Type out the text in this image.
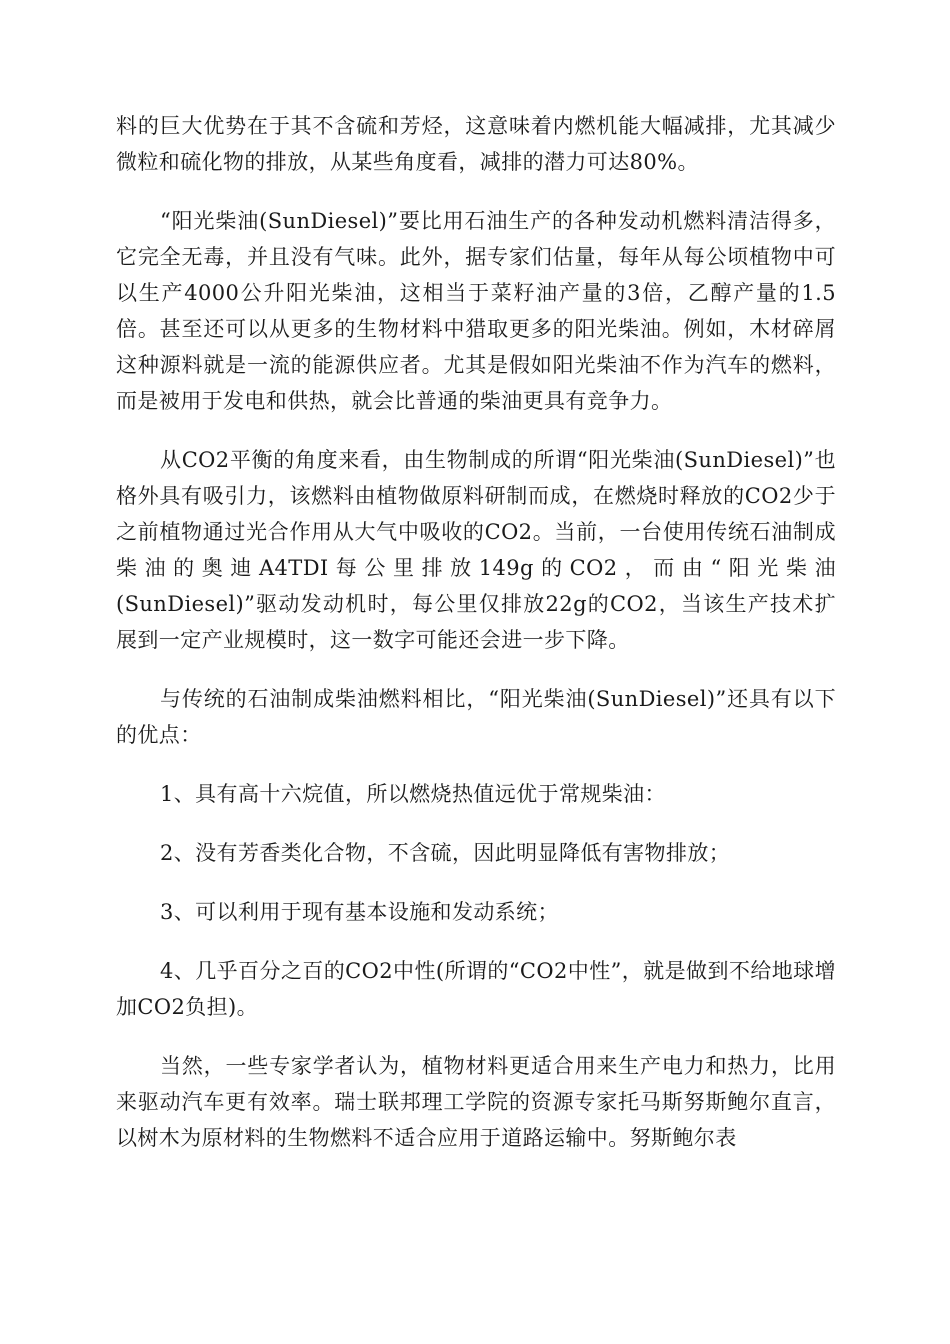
料的巨大优势在于其不含硫和芳烃，这意味着内燃机能大幅减排，尤其减少微粒和硫化物的排放，从某些角度看，减排的潜力可达80%。

“阳光柴油(SunDiesel)”要比用石油生产的各种发动机燃料清洁得多，它完全无毒，并且没有气味。此外，据专家们估量，每年从每公顷植物中可以生产4000公升阳光柴油，这相当于菜籽油产量的3倍，乙醇产量的1.5倍。甚至还可以从更多的生物材料中猎取更多的阳光柴油。例如，木材碎屑这种源料就是一流的能源供应者。尤其是假如阳光柴油不作为汽车的燃料，而是被用于发电和供热，就会比普通的柴油更具有竞争力。

从CO2平衡的角度来看，由生物制成的所谓“阳光柴油(SunDiesel)”也格外具有吸引力，该燃料由植物做原料研制而成，在燃烧时释放的CO2少于之前植物通过光合作用从大气中吸收的CO2。当前，一台使用传统石油制成柴油的奥迪A4TDI每公里排放149g的CO2，而由“阳光柴油(SunDiesel)”驱动发动机时，每公里仅排放22g的CO2，当该生产技术扩展到一定产业规模时，这一数字可能还会进一步下降。

与传统的石油制成柴油燃料相比，“阳光柴油(SunDiesel)”还具有以下的优点：

1、具有高十六烷值，所以燃烧热值远优于常规柴油：

2、没有芳香类化合物，不含硫，因此明显降低有害物排放；

3、可以利用于现有基本设施和发动系统；

4、几乎百分之百的CO2中性(所谓的“CO2中性”，就是做到不给地球增加CO2负担)。

当然，一些专家学者认为，植物材料更适合用来生产电力和热力，比用来驱动汽车更有效率。瑞士联邦理工学院的资源专家托马斯努斯鲍尔直言，以树木为原材料的生物燃料不适合应用于道路运输中。努斯鲍尔表
